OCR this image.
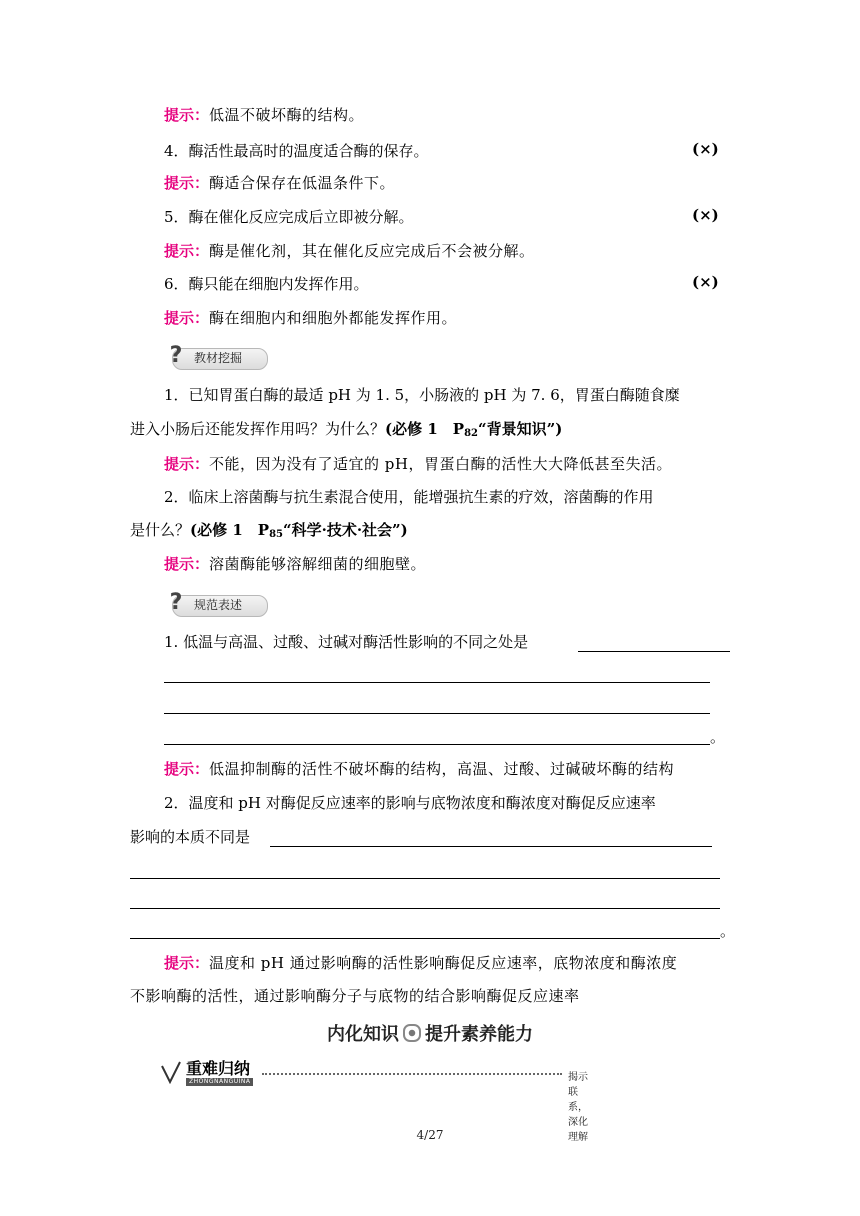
提示：低温不破坏酶的结构。
4．酶活性最高时的温度适合酶的保存。	(×)
提示：酶适合保存在低温条件下。
5．酶在催化反应完成后立即被分解。	(×)
提示：酶是催化剂，其在催化反应完成后不会被分解。
6．酶只能在细胞内发挥作用。	(×)
提示：酶在细胞内和细胞外都能发挥作用。
? 教材挖掘
1．已知胃蛋白酶的最适 pH 为 1. 5，小肠液的 pH 为 7. 6，胃蛋白酶随食糜
进入小肠后还能发挥作用吗？为什么？(必修 1　$P_{82}“$背景知识”)
提示：不能，因为没有了适宜的 pH，胃蛋白酶的活性大大降低甚至失活。
2．临床上溶菌酶与抗生素混合使用，能增强抗生素的疗效，溶菌酶的作用
是什么？(必修 1　$P_{85}“$科学·技术·社会”)
提示：溶菌酶能够溶解细菌的细胞壁。
? 规范表述
1. 低温与高温、过酸、过碱对酶活性影响的不同之处是
。
提示：低温抑制酶的活性不破坏酶的结构，高温、过酸、过碱破坏酶的结构
2．温度和 pH 对酶促反应速率的影响与底物浓度和酶浓度对酶促反应速率
影响的本质不同是
。
提示：温度和 pH 通过影响酶的活性影响酶促反应速率，底物浓度和酶浓度
不影响酶的活性，通过影响酶分子与底物的结合影响酶促反应速率
内化知识 提升素养能力
重难归纳
ZHONGNANGUINA	揭示联系，深化理解
4/27
